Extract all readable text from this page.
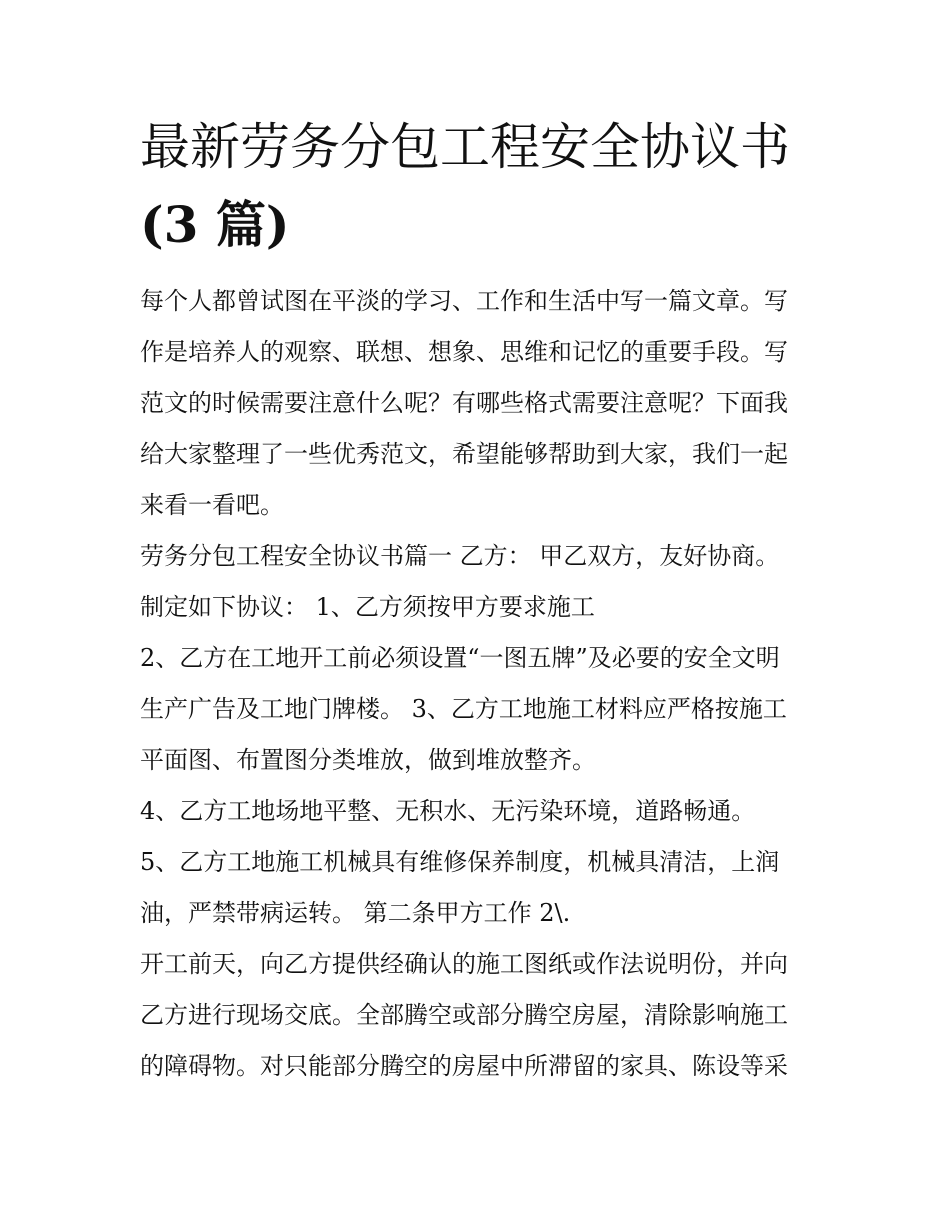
最新劳务分包工程安全协议书
(3 篇)

每个人都曾试图在平淡的学习、工作和生活中写一篇文章。写

作是培养人的观察、联想、想象、思维和记忆的重要手段。写

范文的时候需要注意什么呢？有哪些格式需要注意呢？下面我

给大家整理了一些优秀范文，希望能够帮助到大家，我们一起

来看一看吧。

劳务分包工程安全协议书篇一 乙方： 甲乙双方，友好协商。

制定如下协议： 1、乙方须按甲方要求施工

2、乙方在工地开工前必须设置“一图五牌”及必要的安全文明

生产广告及工地门牌楼。 3、乙方工地施工材料应严格按施工

平面图、布置图分类堆放，做到堆放整齐。

4、乙方工地场地平整、无积水、无污染环境，道路畅通。

5、乙方工地施工机械具有维修保养制度，机械具清洁，上润

油，严禁带病运转。 第二条甲方工作 2\.

开工前天，向乙方提供经确认的施工图纸或作法说明份，并向

乙方进行现场交底。全部腾空或部分腾空房屋，清除影响施工

的障碍物。对只能部分腾空的房屋中所滞留的家具、陈设等采
